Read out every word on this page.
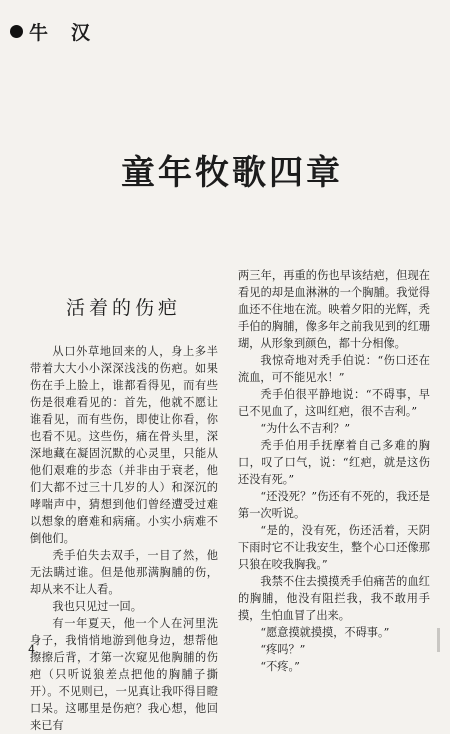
牛　汉
童年牧歌四章
活着的伤疤

从口外草地回来的人，身上多半带着大大小小深深浅浅的伤疤。如果伤在手上脸上，谁都看得见，而有些伤是很难看见的：首先，他就不愿让谁看见，而有些伤，即使让你看，你也看不见。这些伤，痛在骨头里，深深地藏在凝固沉默的心灵里，只能从他们艰难的步态（并非由于衰老，他们大都不过三十几岁的人）和深沉的哮喘声中，猜想到他们曾经遭受过难以想象的磨难和病痛。小实小病难不倒他们。

秃手伯失去双手，一目了然，他无法瞒过谁。但是他那满胸脯的伤，却从来不让人看。

我也只见过一回。

有一年夏天，他一个人在河里洗身子，我悄悄地游到他身边，想帮他擦擦后背，才第一次窥见他胸脯的伤疤（只听说狼差点把他的胸脯子撕开）。不见则已，一见真让我吓得目瞪口呆。这哪里是伤疤？我心想，他回来已有

两三年，再重的伤也早该结疤，但现在看见的却是血淋淋的一个胸脯。我觉得血还不住地在流。映着夕阳的光辉，秃手伯的胸脯，像多年之前我见到的红珊瑚，从形象到颜色，都十分相像。

我惊奇地对秃手伯说：“伤口还在流血，可不能见水！”

秃手伯很平静地说：“不碍事，早已不见血了，这叫红疤，很不吉利。”

“为什么不吉利？”

秃手伯用手抚摩着自己多难的胸口，叹了口气，说：“红疤，就是这伤还没有死。”

“还没死？”伤还有不死的，我还是第一次听说。

“是的，没有死，伤还活着，天阴下雨时它不让我安生，整个心口还像那只狼在咬我胸我。”

我禁不住去摸摸秃手伯痛苦的血红的胸脯，他没有阻拦我，我不敢用手摸，生怕血冒了出来。

“愿意摸就摸摸，不碍事。”

“疼吗？”

“不疼。”

4
